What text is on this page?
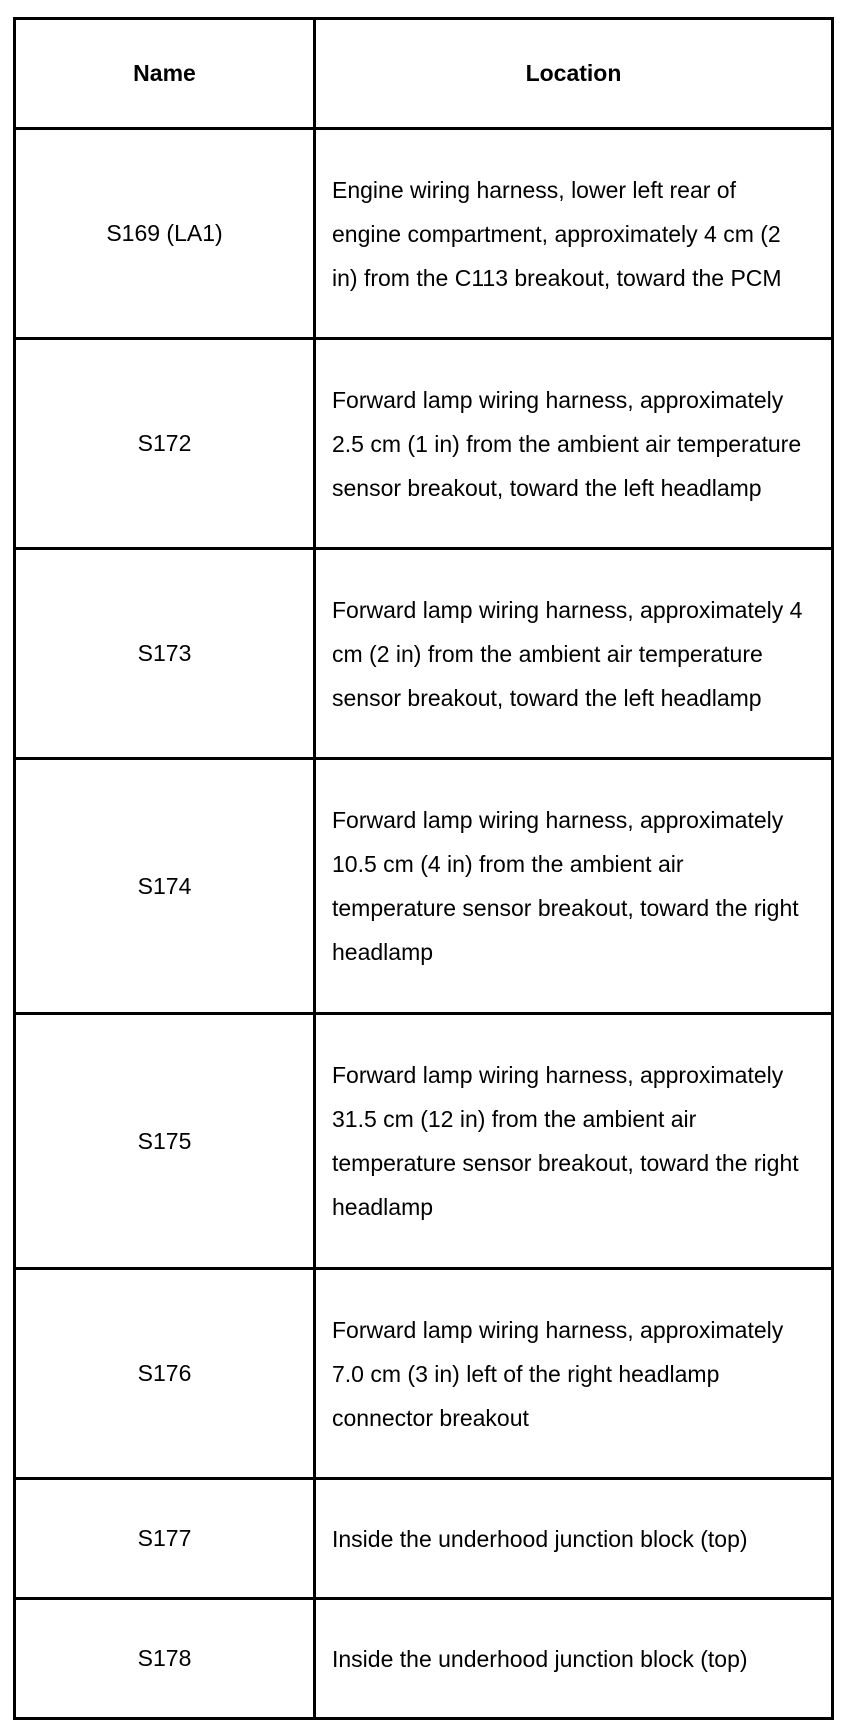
Name	Location
S169 (LA1)	Engine wiring harness, lower left rear of engine compartment, approximately 4 cm (2 in) from the C113 breakout, toward the PCM
S172	Forward lamp wiring harness, approximately 2.5 cm (1 in) from the ambient air temperature sensor breakout, toward the left headlamp
S173	Forward lamp wiring harness, approximately 4 cm (2 in) from the ambient air temperature sensor breakout, toward the left headlamp
S174	Forward lamp wiring harness, approximately 10.5 cm (4 in) from the ambient air temperature sensor breakout, toward the right headlamp
S175	Forward lamp wiring harness, approximately 31.5 cm (12 in) from the ambient air temperature sensor breakout, toward the right headlamp
S176	Forward lamp wiring harness, approximately 7.0 cm (3 in) left of the right headlamp connector breakout
S177	Inside the underhood junction block (top)
S178	Inside the underhood junction block (top)
